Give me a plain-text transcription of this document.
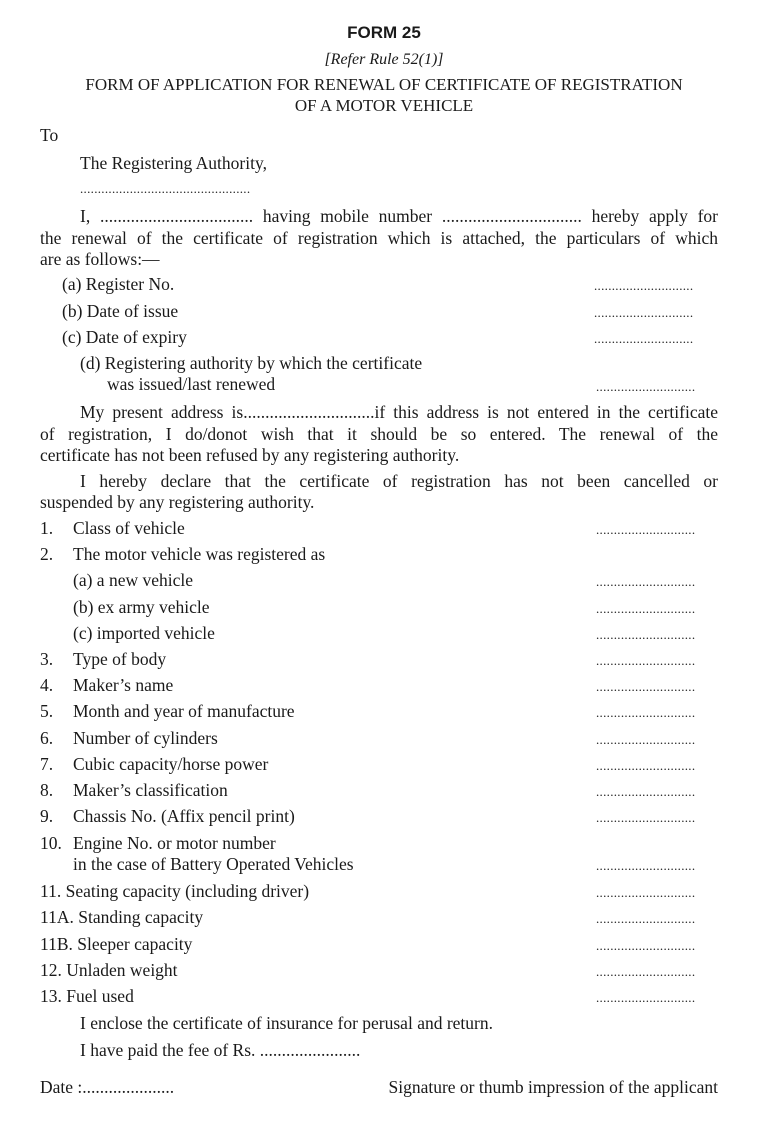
FORM 25
[Refer Rule 52(1)]
FORM OF APPLICATION FOR RENEWAL OF CERTIFICATE OF REGISTRATION
OF A MOTOR VEHICLE
To
The Registering Authority,
................................................
I, ................................... having mobile number ................................ hereby apply for
the renewal of the certificate of registration which is attached, the particulars of which
are as follows:—
(a) Register No.	............................
(b) Date of issue	............................
(c) Date of expiry	............................
(d) Registering authority by which the certificate
was issued/last renewed	............................
My present address is..............................if this address is not entered in the certificate
of registration, I do/donot wish that it should be so entered. The renewal of the
certificate has not been refused by any registering authority.
I hereby declare that the certificate of registration has not been cancelled or
suspended by any registering authority.
1. Class of vehicle	............................
2. The motor vehicle was registered as
(a) a new vehicle	............................
(b) ex army vehicle	............................
(c) imported vehicle	............................
3. Type of body	............................
4. Maker’s name	............................
5. Month and year of manufacture	............................
6. Number of cylinders	............................
7. Cubic capacity/horse power	............................
8. Maker’s classification	............................
9. Chassis No. (Affix pencil print)	............................
10. Engine No. or motor number
in the case of Battery Operated Vehicles	............................
11. Seating capacity (including driver)	............................
11A. Standing capacity	............................
11B. Sleeper capacity	............................
12. Unladen weight	............................
13. Fuel used	............................
I enclose the certificate of insurance for perusal and return.
I have paid the fee of Rs. .......................
Date :.....................	Signature or thumb impression of the applicant
